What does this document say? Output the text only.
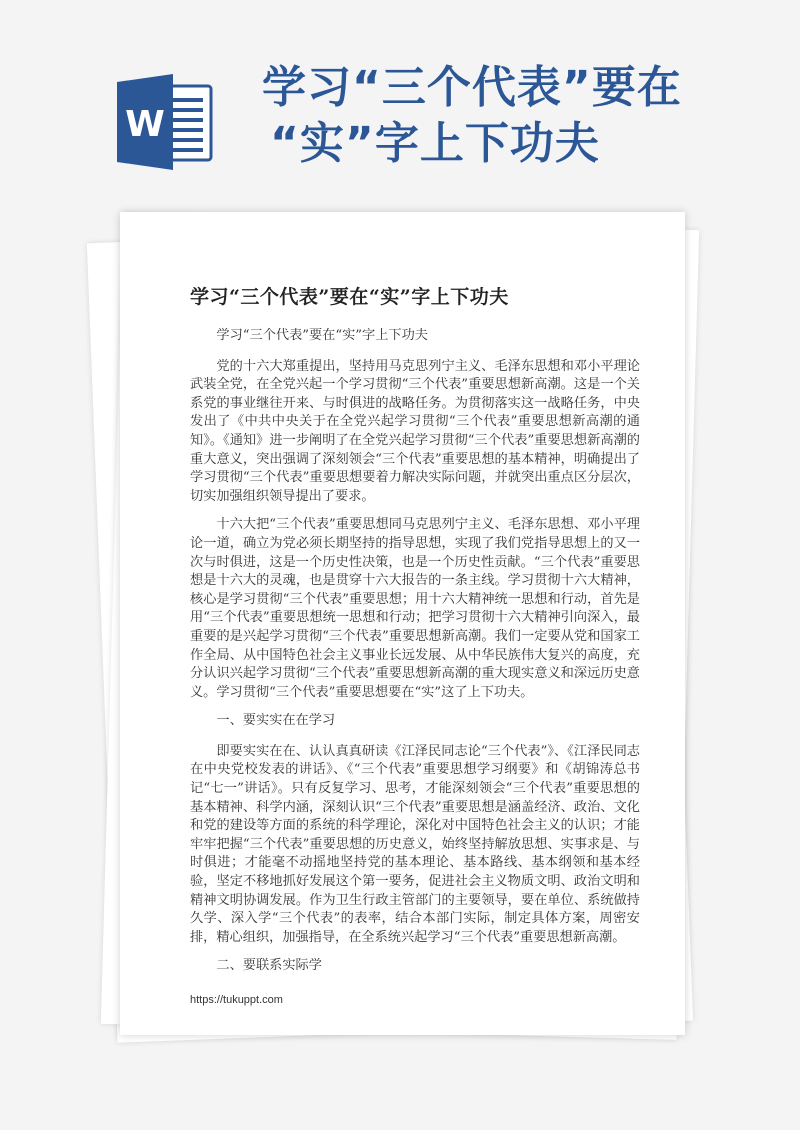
W
学习“三个代表”要在

“实”字上下功夫
学习“三个代表”要在“实”字上下功夫

学习“三个代表”要在“实”字上下功夫

党的十六大郑重提出，坚持用马克思列宁主义、毛泽东思想和邓小平理论武装全党，在全党兴起一个学习贯彻“三个代表”重要思想新高潮。这是一个关系党的事业继往开来、与时俱进的战略任务。为贯彻落实这一战略任务，中央发出了《中共中央关于在全党兴起学习贯彻“三个代表”重要思想新高潮的通知》。《通知》进一步阐明了在全党兴起学习贯彻“三个代表”重要思想新高潮的重大意义，突出强调了深刻领会“三个代表”重要思想的基本精神，明确提出了学习贯彻“三个代表”重要思想要着力解决实际问题，并就突出重点区分层次，切实加强组织领导提出了要求。

十六大把“三个代表”重要思想同马克思列宁主义、毛泽东思想、邓小平理论一道，确立为党必须长期坚持的指导思想，实现了我们党指导思想上的又一次与时俱进，这是一个历史性决策，也是一个历史性贡献。“三个代表”重要思想是十六大的灵魂，也是贯穿十六大报告的一条主线。学习贯彻十六大精神，核心是学习贯彻“三个代表”重要思想；用十六大精神统一思想和行动，首先是用“三个代表”重要思想统一思想和行动；把学习贯彻十六大精神引向深入，最重要的是兴起学习贯彻“三个代表”重要思想新高潮。我们一定要从党和国家工作全局、从中国特色社会主义事业长远发展、从中华民族伟大复兴的高度，充分认识兴起学习贯彻“三个代表”重要思想新高潮的重大现实意义和深远历史意义。学习贯彻“三个代表”重要思想要在“实”这了上下功夫。

一、要实实在在学习

即要实实在在、认认真真研读《江泽民同志论“三个代表”》、《江泽民同志在中央党校发表的讲话》、《“三个代表”重要思想学习纲要》和《胡锦涛总书记“七一”讲话》。只有反复学习、思考，才能深刻领会“三个代表”重要思想的基本精神、科学内涵，深刻认识“三个代表”重要思想是涵盖经济、政治、文化和党的建设等方面的系统的科学理论，深化对中国特色社会主义的认识；才能牢牢把握“三个代表”重要思想的历史意义，始终坚持解放思想、实事求是、与时俱进；才能毫不动摇地坚持党的基本理论、基本路线、基本纲领和基本经验，坚定不移地抓好发展这个第一要务，促进社会主义物质文明、政治文明和精神文明协调发展。作为卫生行政主管部门的主要领导，要在单位、系统做持久学、深入学“三个代表”的表率，结合本部门实际，制定具体方案，周密安排，精心组织，加强指导，在全系统兴起学习“三个代表”重要思想新高潮。

二、要联系实际学

https://tukuppt.com
